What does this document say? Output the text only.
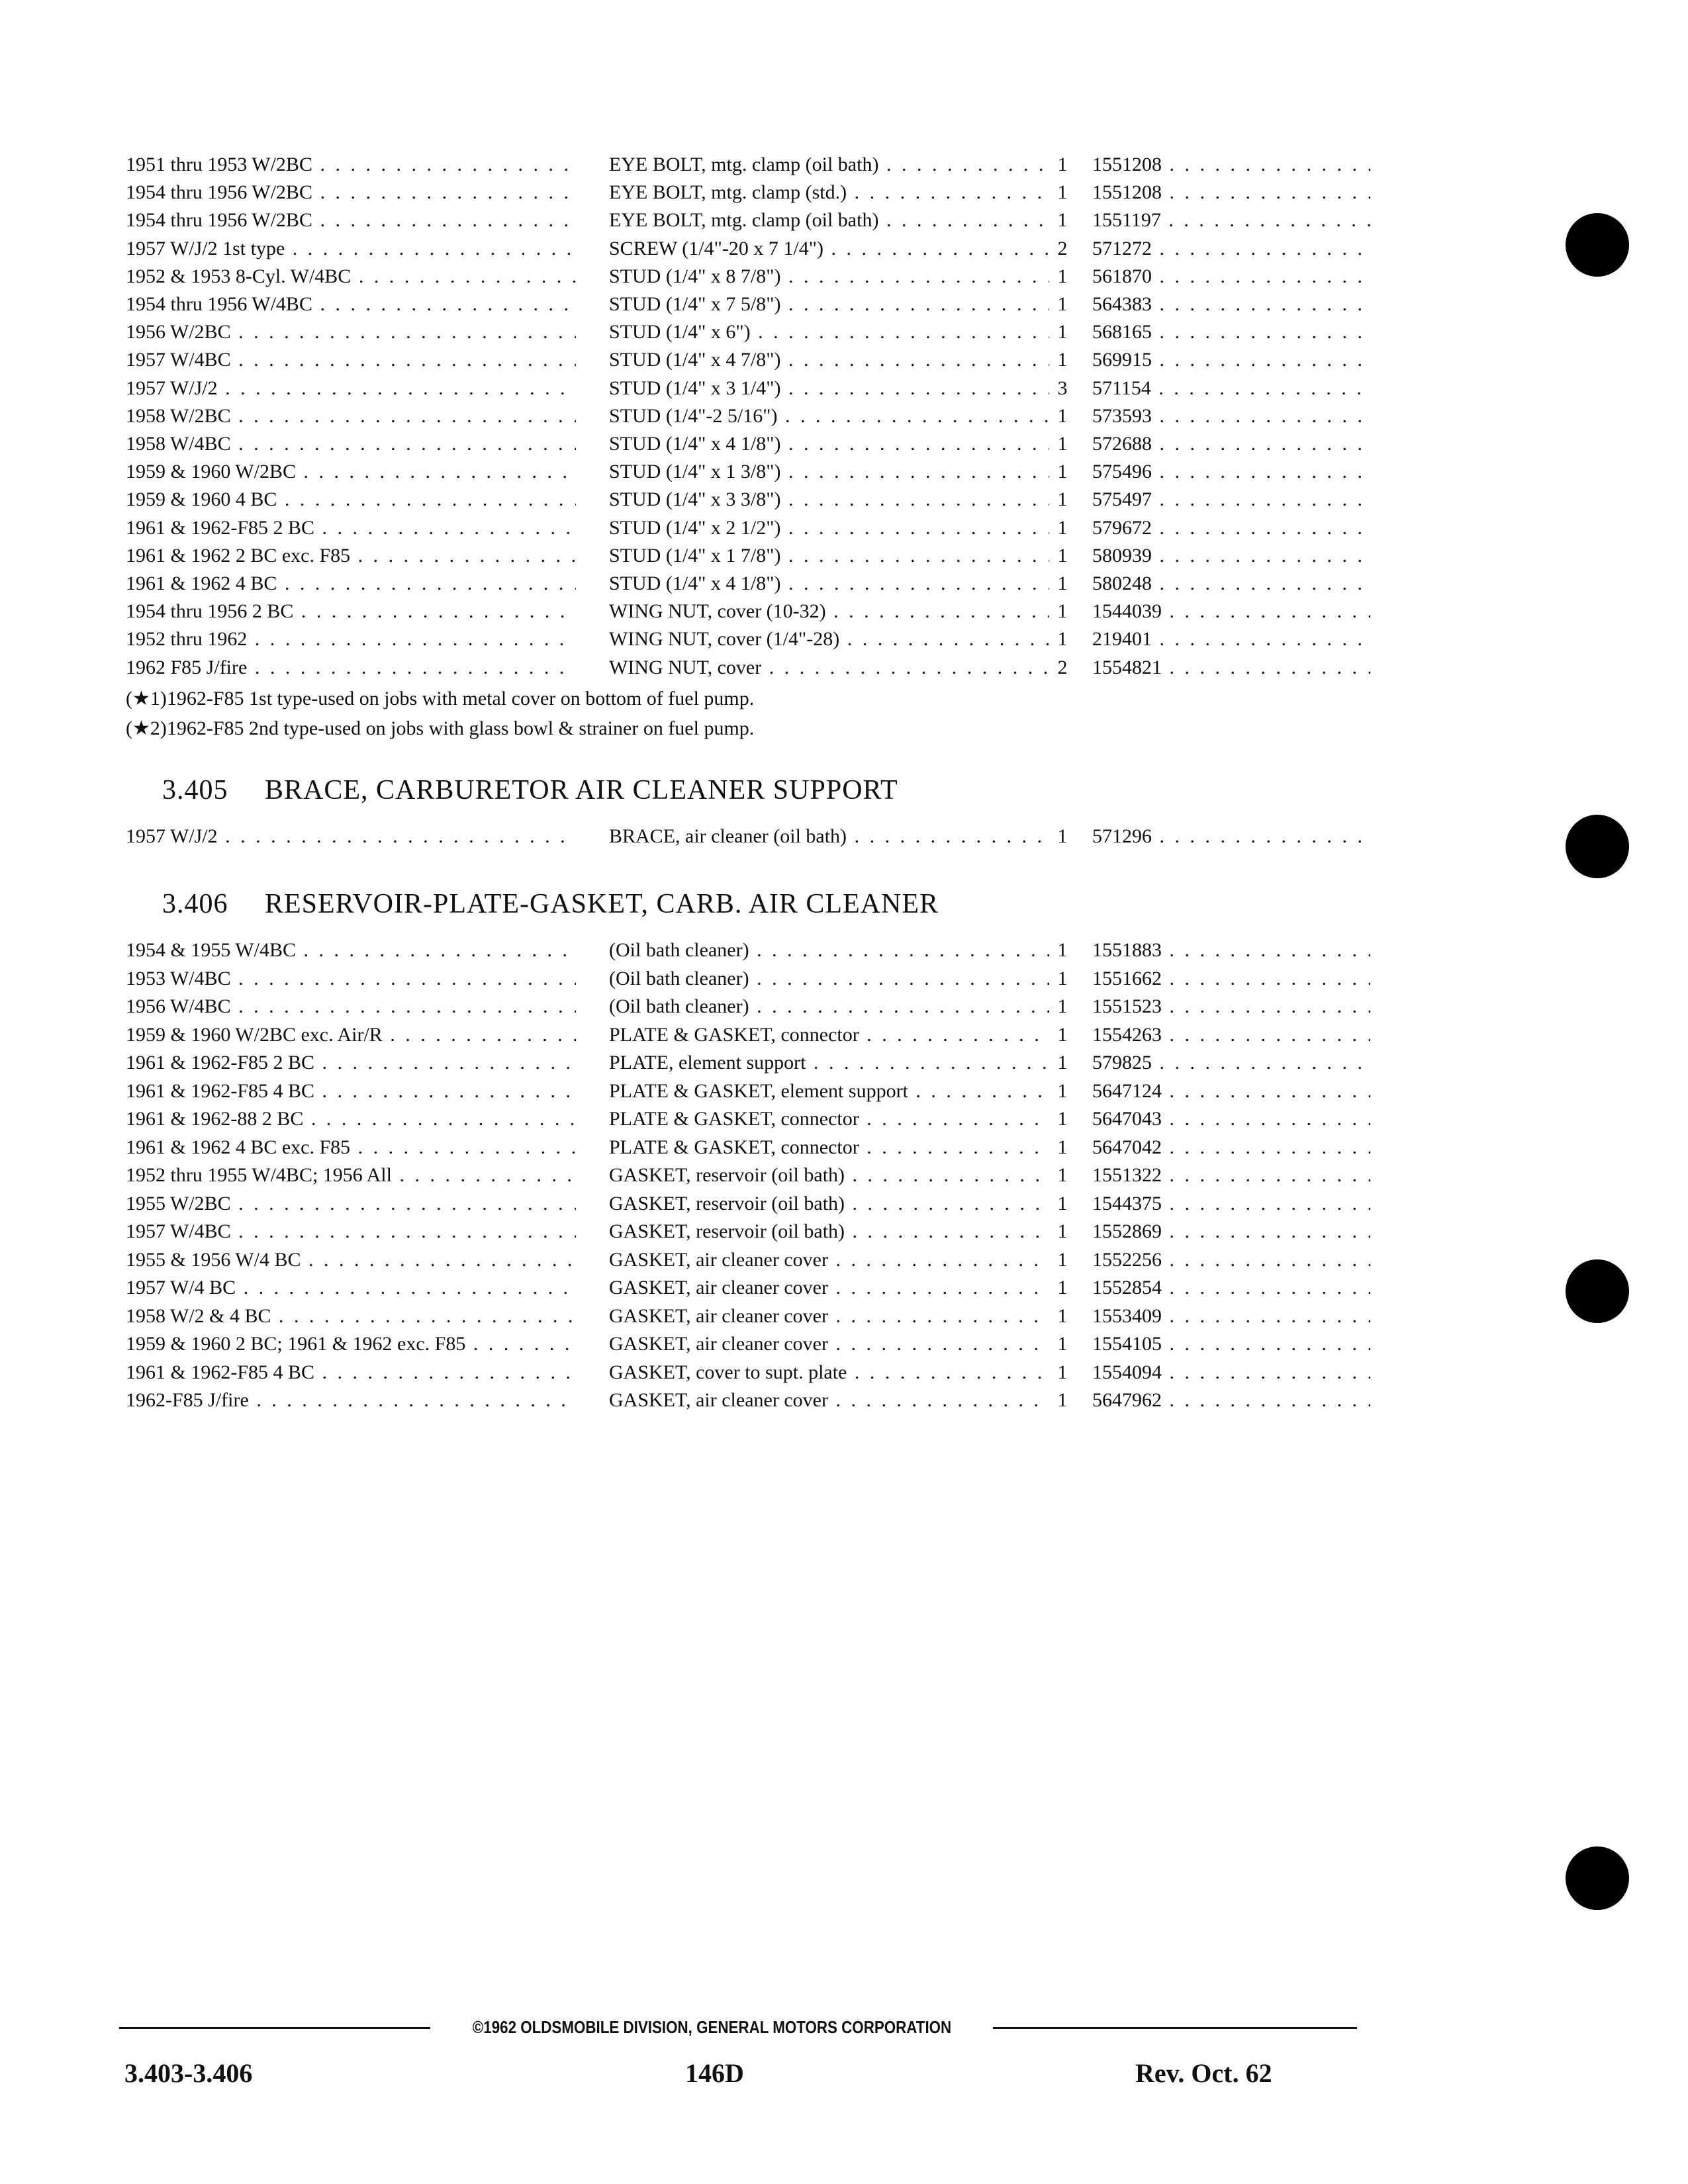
1951 thru 1953 W/2BC . . .	EYE BOLT, mtg. clamp (oil bath) . . .	1	1551208 . . .
1954 thru 1956 W/2BC . . .	EYE BOLT, mtg. clamp (std.) . . .	1	1551208 . . .
1954 thru 1956 W/2BC . . .	EYE BOLT, mtg. clamp (oil bath) . . .	1	1551197 . . .
1957 W/J/2 1st type . . .	SCREW (1/4"-20 x 7 1/4") . . .	2	571272 . . .
1952 & 1953 8-Cyl. W/4BC . . .	STUD (1/4" x 8 7/8") . . .	1	561870 . . .
1954 thru 1956 W/4BC . . .	STUD (1/4" x 7 5/8") . . .	1	564383 . . .
1956 W/2BC . . .	STUD (1/4" x 6") . . .	1	568165 . . .
1957 W/4BC . . .	STUD (1/4" x 4 7/8") . . .	1	569915 . . .
1957 W/J/2 . . .	STUD (1/4" x 3 1/4") . . .	3	571154 . . .
1958 W/2BC . . .	STUD (1/4"-2 5/16") . . .	1	573593 . . .
1958 W/4BC . . .	STUD (1/4" x 4 1/8") . . .	1	572688 . . .
1959 & 1960 W/2BC . . .	STUD (1/4" x 1 3/8") . . .	1	575496 . . .
1959 & 1960 4 BC . . .	STUD (1/4" x 3 3/8") . . .	1	575497 . . .
1961 & 1962-F85 2 BC . . .	STUD (1/4" x 2 1/2") . . .	1	579672 . . .
1961 & 1962 2 BC exc. F85 . . .	STUD (1/4" x 1 7/8") . . .	1	580939 . . .
1961 & 1962 4 BC . . .	STUD (1/4" x 4 1/8") . . .	1	580248 . . .
1954 thru 1956 2 BC . . .	WING NUT, cover (10-32) . . .	1	1544039 . . .
1952 thru 1962 . . .	WING NUT, cover (1/4"-28) . . .	1	219401 . . .
1962 F85 J/fire . . .	WING NUT, cover . . .	2	1554821 . . .
(★1)1962-F85 1st type-used on jobs with metal cover on bottom of fuel pump.
(★2)1962-F85 2nd type-used on jobs with glass bowl & strainer on fuel pump.
3.405 BRACE, CARBURETOR AIR CLEANER SUPPORT
1957 W/J/2 . . .	BRACE, air cleaner (oil bath) . . .	1	571296 . . .
3.406 RESERVOIR-PLATE-GASKET, CARB. AIR CLEANER
1954 & 1955 W/4BC . . .	(Oil bath cleaner) . . .	1	1551883 . . .
1953 W/4BC . . .	(Oil bath cleaner) . . .	1	1551662 . . .
1956 W/4BC . . .	(Oil bath cleaner) . . .	1	1551523 . . .
1959 & 1960 W/2BC exc. Air/R . . .	PLATE & GASKET, connector . . .	1	1554263 . . .
1961 & 1962-F85 2 BC . . .	PLATE, element support . . .	1	579825 . . .
1961 & 1962-F85 4 BC . . .	PLATE & GASKET, element support . . .	1	5647124 . . .
1961 & 1962-88 2 BC . . .	PLATE & GASKET, connector . . .	1	5647043 . . .
1961 & 1962 4 BC exc. F85 . . .	PLATE & GASKET, connector . . .	1	5647042 . . .
1952 thru 1955 W/4BC; 1956 All . . .	GASKET, reservoir (oil bath) . . .	1	1551322 . . .
1955 W/2BC . . .	GASKET, reservoir (oil bath) . . .	1	1544375 . . .
1957 W/4BC . . .	GASKET, reservoir (oil bath) . . .	1	1552869 . . .
1955 & 1956 W/4 BC . . .	GASKET, air cleaner cover . . .	1	1552256 . . .
1957 W/4 BC . . .	GASKET, air cleaner cover . . .	1	1552854 . . .
1958 W/2 & 4 BC . . .	GASKET, air cleaner cover . . .	1	1553409 . . .
1959 & 1960 2 BC; 1961 & 1962 exc. F85 . . .	GASKET, air cleaner cover . . .	1	1554105 . . .
1961 & 1962-F85 4 BC . . .	GASKET, cover to supt. plate . . .	1	1554094 . . .
1962-F85 J/fire . . .	GASKET, air cleaner cover . . .	1	5647962 . . .
©1962 OLDSMOBILE DIVISION, GENERAL MOTORS CORPORATION
3.403-3.406	146D	Rev. Oct. 62
